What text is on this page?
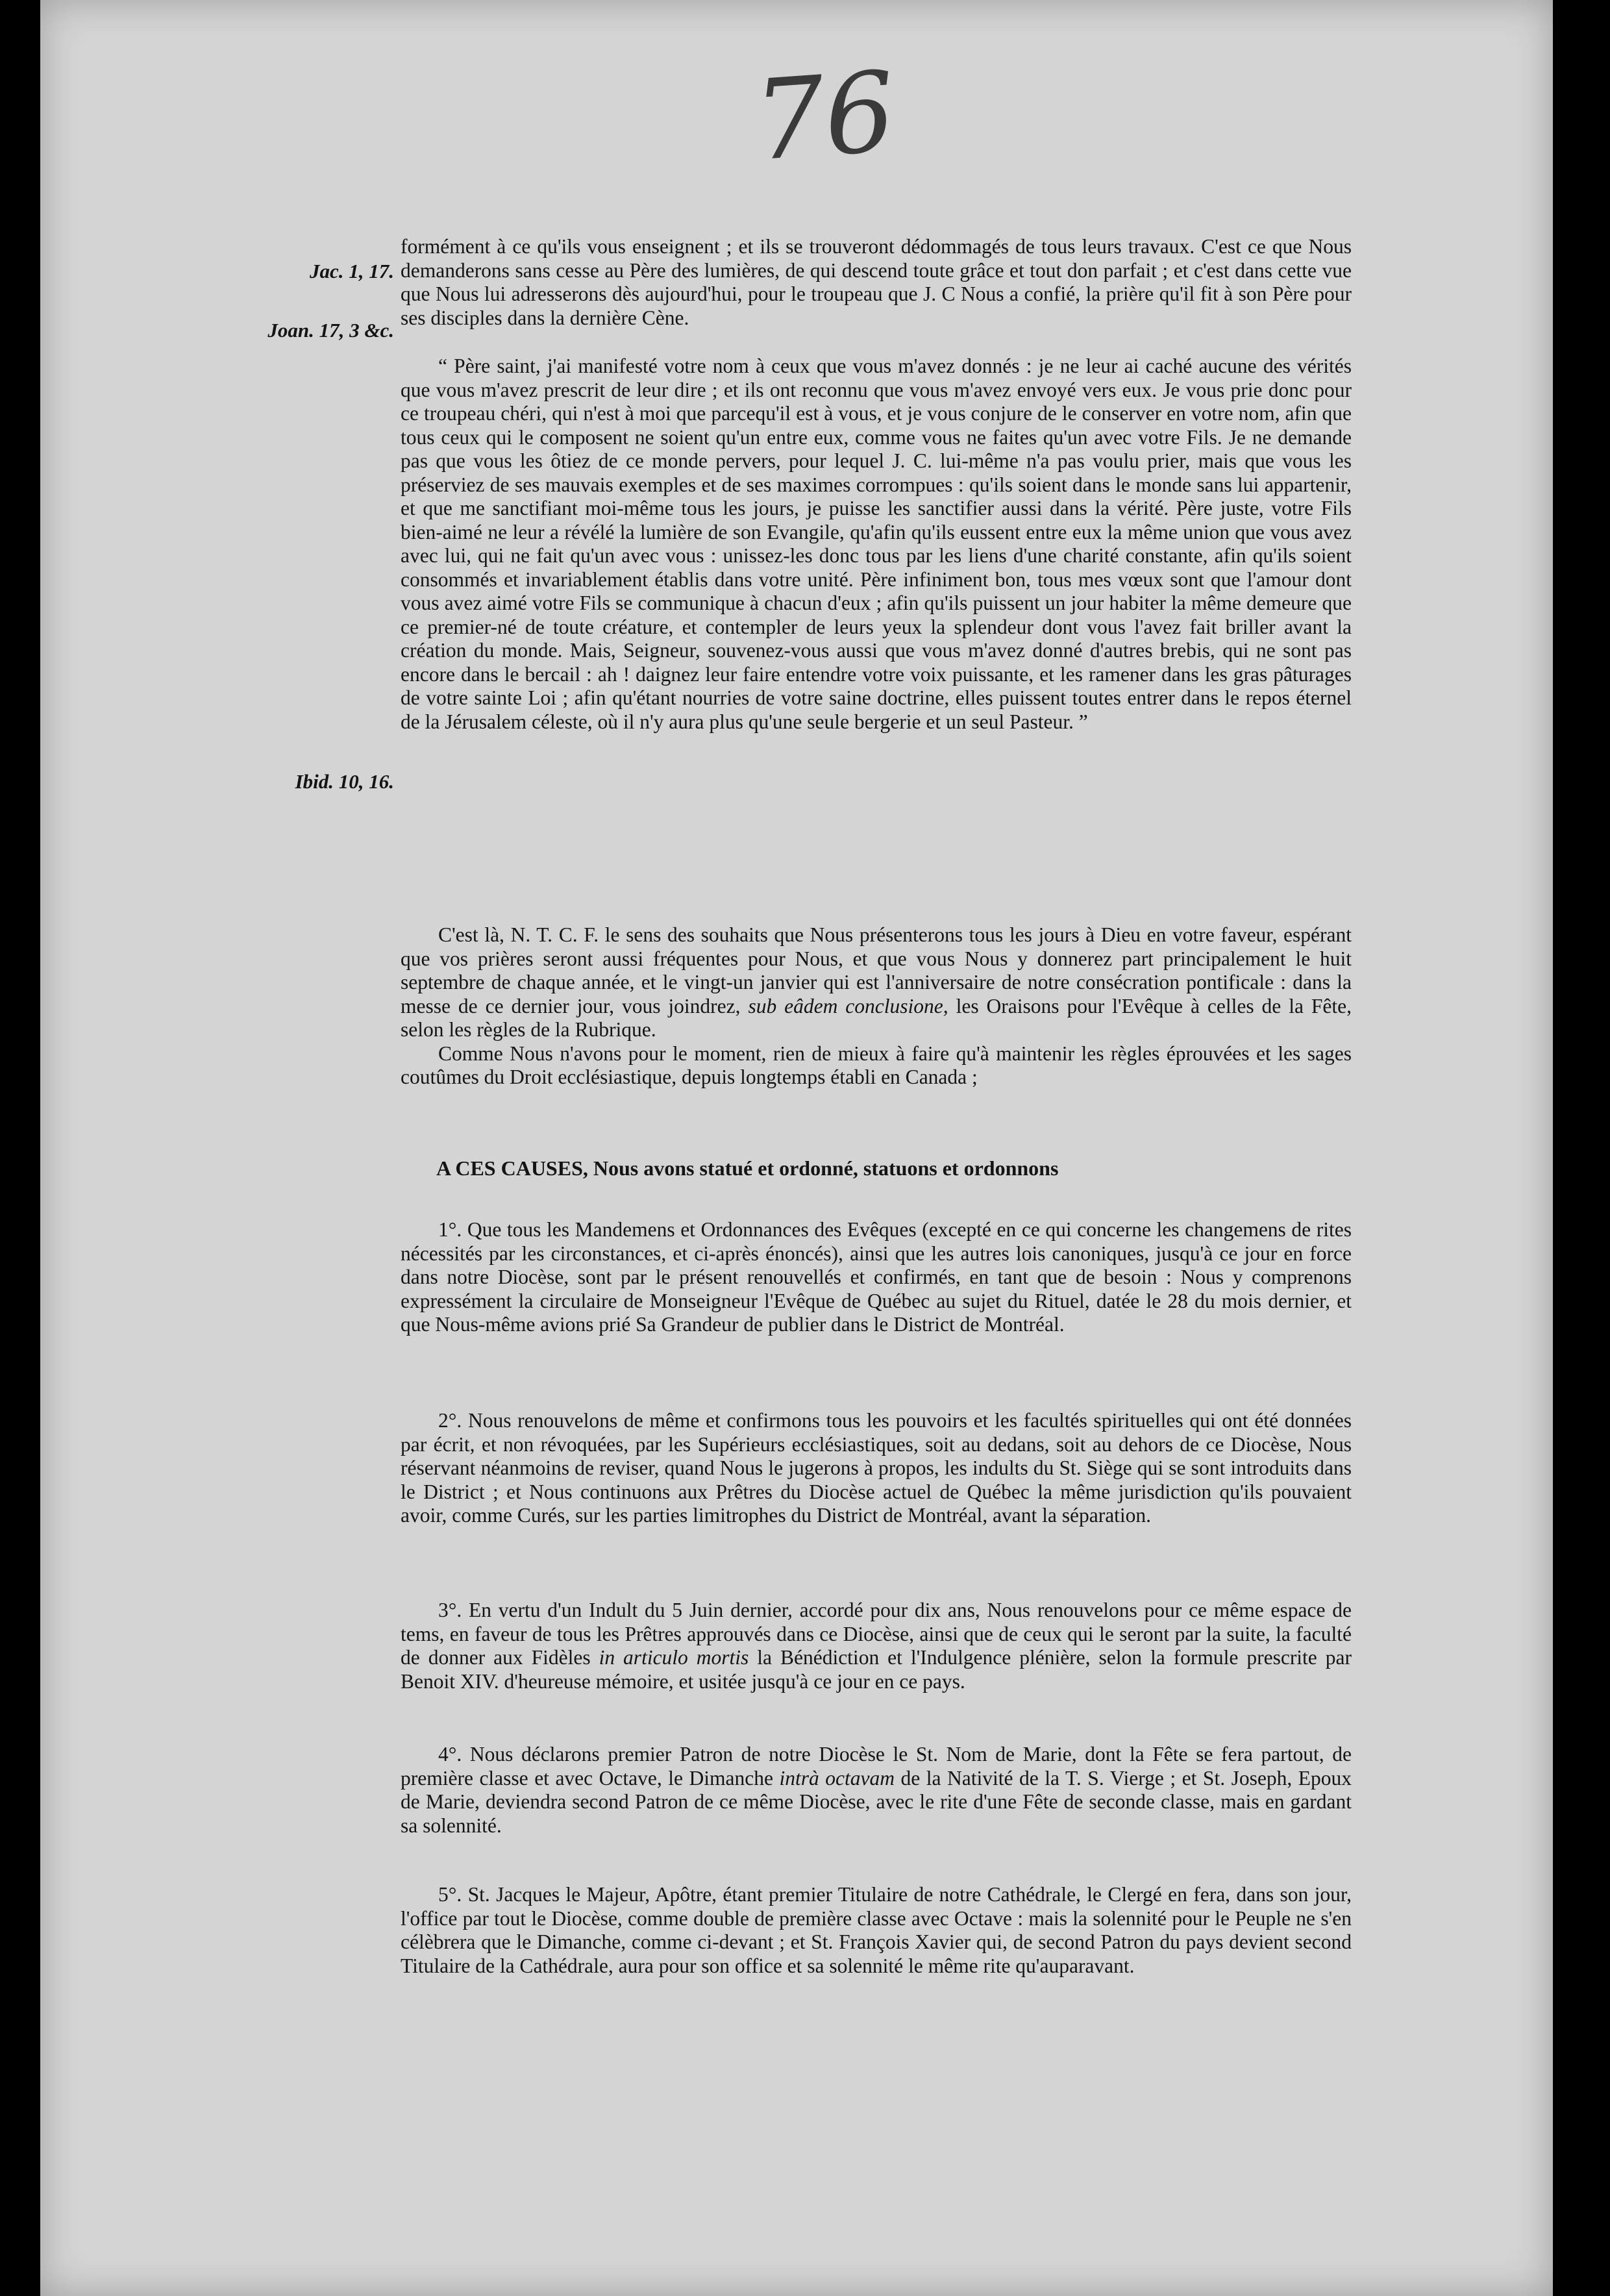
76
Jac. 1, 17.
Joan. 17, 3 &c.
Ibid. 10, 16.

formément à ce qu'ils vous enseignent ; et ils se trouveront dédommagés de tous leurs travaux. C'est ce que Nous demanderons sans cesse au Père des lumières, de qui descend toute grâce et tout don parfait ; et c'est dans cette vue que Nous lui adresserons dès aujourd'hui, pour le troupeau que J. C Nous a confié, la prière qu'il fit à son Père pour ses disciples dans la dernière Cène.

“ Père saint, j'ai manifesté votre nom à ceux que vous m'avez donnés : je ne leur ai caché aucune des vérités que vous m'avez prescrit de leur dire ; et ils ont reconnu que vous m'avez envoyé vers eux. Je vous prie donc pour ce troupeau chéri, qui n'est à moi que parcequ'il est à vous, et je vous conjure de le conserver en votre nom, afin que tous ceux qui le composent ne soient qu'un entre eux, comme vous ne faites qu'un avec votre Fils. Je ne demande pas que vous les ôtiez de ce monde pervers, pour lequel J. C. lui-même n'a pas voulu prier, mais que vous les préserviez de ses mauvais exemples et de ses maximes corrompues : qu'ils soient dans le monde sans lui appartenir, et que me sanctifiant moi-même tous les jours, je puisse les sanctifier aussi dans la vérité. Père juste, votre Fils bien-aimé ne leur a révélé la lumière de son Evangile, qu'afin qu'ils eussent entre eux la même union que vous avez avec lui, qui ne fait qu'un avec vous : unissez-les donc tous par les liens d'une charité constante, afin qu'ils soient consommés et invariablement établis dans votre unité. Père infiniment bon, tous mes vœux sont que l'amour dont vous avez aimé votre Fils se communique à chacun d'eux ; afin qu'ils puissent un jour habiter la même demeure que ce premier-né de toute créature, et contempler de leurs yeux la splendeur dont vous l'avez fait briller avant la création du monde. Mais, Seigneur, souvenez-vous aussi que vous m'avez donné d'autres brebis, qui ne sont pas encore dans le bercail : ah ! daignez leur faire entendre votre voix puissante, et les ramener dans les gras pâturages de votre sainte Loi ; afin qu'étant nourries de votre saine doctrine, elles puissent toutes entrer dans le repos éternel de la Jérusalem céleste, où il n'y aura plus qu'une seule bergerie et un seul Pasteur. ”

C'est là, N. T. C. F. le sens des souhaits que Nous présenterons tous les jours à Dieu en votre faveur, espérant que vos prières seront aussi fréquentes pour Nous, et que vous Nous y donnerez part principalement le huit septembre de chaque année, et le vingt-un janvier qui est l'anniversaire de notre consécration pontificale : dans la messe de ce dernier jour, vous joindrez, sub eâdem conclusione, les Oraisons pour l'Evêque à celles de la Fête, selon les règles de la Rubrique.

Comme Nous n'avons pour le moment, rien de mieux à faire qu'à maintenir les règles éprouvées et les sages coutûmes du Droit ecclésiastique, depuis longtemps établi en Canada ;

A CES CAUSES, Nous avons statué et ordonné, statuons et ordonnons

1°. Que tous les Mandemens et Ordonnances des Evêques (excepté en ce qui concerne les changemens de rites nécessités par les circonstances, et ci-après énoncés), ainsi que les autres lois canoniques, jusqu'à ce jour en force dans notre Diocèse, sont par le présent renouvellés et confirmés, en tant que de besoin : Nous y comprenons expressément la circulaire de Monseigneur l'Evêque de Québec au sujet du Rituel, datée le 28 du mois dernier, et que Nous-même avions prié Sa Grandeur de publier dans le District de Montréal.

2°. Nous renouvelons de même et confirmons tous les pouvoirs et les facultés spirituelles qui ont été données par écrit, et non révoquées, par les Supérieurs ecclésiastiques, soit au dedans, soit au dehors de ce Diocèse, Nous réservant néanmoins de reviser, quand Nous le jugerons à propos, les indults du St. Siège qui se sont introduits dans le District ; et Nous continuons aux Prêtres du Diocèse actuel de Québec la même jurisdiction qu'ils pouvaient avoir, comme Curés, sur les parties limitrophes du District de Montréal, avant la séparation.

3°. En vertu d'un Indult du 5 Juin dernier, accordé pour dix ans, Nous renouvelons pour ce même espace de tems, en faveur de tous les Prêtres approuvés dans ce Diocèse, ainsi que de ceux qui le seront par la suite, la faculté de donner aux Fidèles in articulo mortis la Bénédiction et l'Indulgence plénière, selon la formule prescrite par Benoit XIV. d'heureuse mémoire, et usitée jusqu'à ce jour en ce pays.

4°. Nous déclarons premier Patron de notre Diocèse le St. Nom de Marie, dont la Fête se fera partout, de première classe et avec Octave, le Dimanche intrà octavam de la Nativité de la T. S. Vierge ; et St. Joseph, Epoux de Marie, deviendra second Patron de ce même Diocèse, avec le rite d'une Fête de seconde classe, mais en gardant sa solennité.

5°. St. Jacques le Majeur, Apôtre, étant premier Titulaire de notre Cathédrale, le Clergé en fera, dans son jour, l'office par tout le Diocèse, comme double de première classe avec Octave : mais la solennité pour le Peuple ne s'en célèbrera que le Dimanche, comme ci-devant ; et St. François Xavier qui, de second Patron du pays devient second Titulaire de la Cathédrale, aura pour son office et sa solennité le même rite qu'auparavant.
